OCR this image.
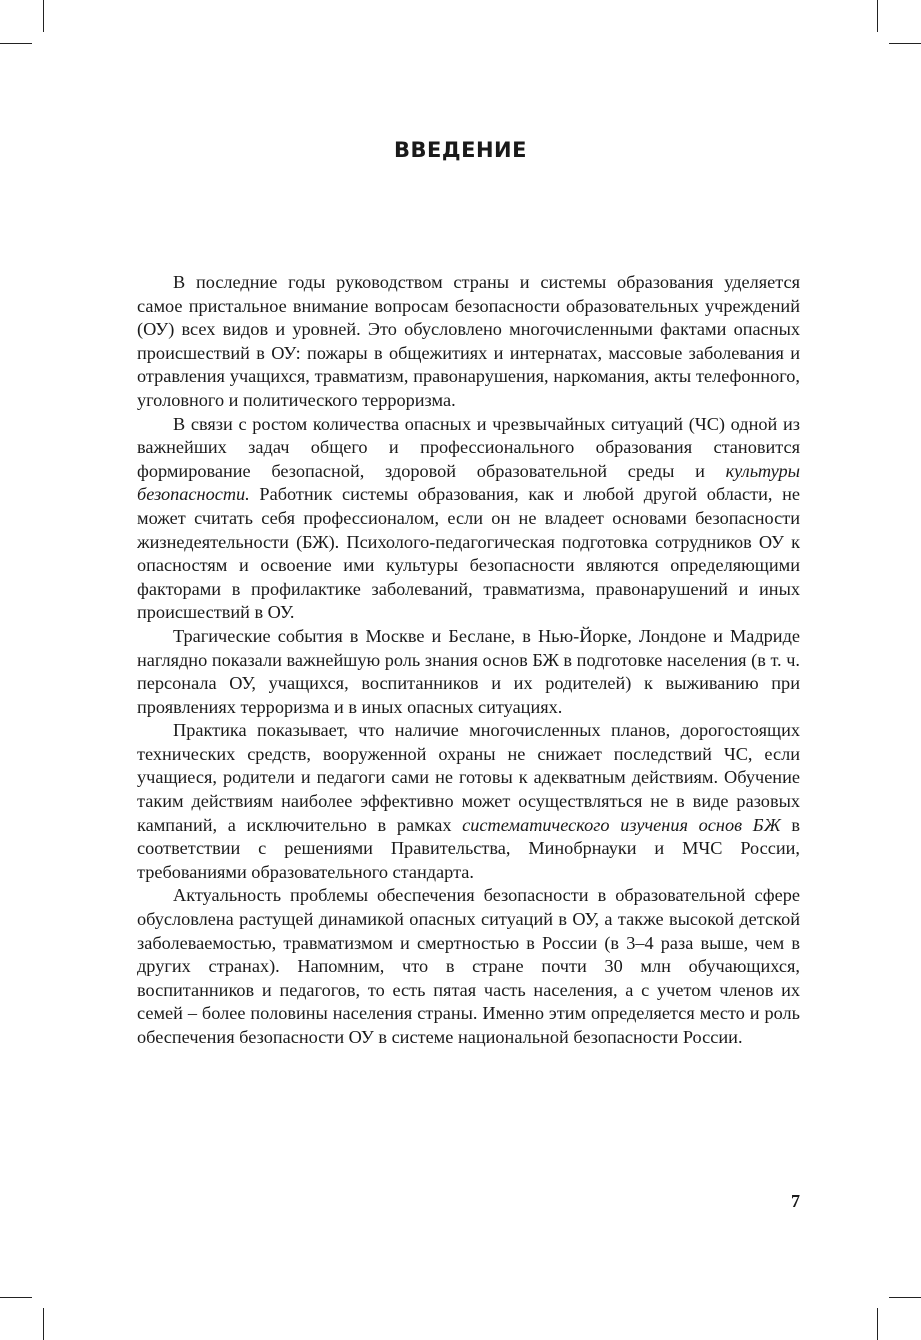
ВВЕДЕНИЕ

В последние годы руководством страны и системы образования уделяется самое пристальное внимание вопросам безопасности образовательных учреждений (ОУ) всех видов и уровней. Это обусловлено многочисленными фактами опасных происшествий в ОУ: пожары в общежитиях и интернатах, массовые заболевания и отравления учащихся, травматизм, правонарушения, наркомания, акты телефонного, уголовного и политического терроризма.

В связи с ростом количества опасных и чрезвычайных ситуаций (ЧС) одной из важнейших задач общего и профессионального образования становится формирование безопасной, здоровой образовательной среды и культуры безопасности. Работник системы образования, как и любой другой области, не может считать себя профессионалом, если он не владеет основами безопасности жизнедеятельности (БЖ). Психолого-педагогическая подготовка сотрудников ОУ к опасностям и освоение ими культуры безопасности являются определяющими факторами в профилактике заболеваний, травматизма, правонарушений и иных происшествий в ОУ.

Трагические события в Москве и Беслане, в Нью-Йорке, Лондоне и Мадриде наглядно показали важнейшую роль знания основ БЖ в подготовке населения (в т. ч. персонала ОУ, учащихся, воспитанников и их родителей) к выживанию при проявлениях терроризма и в иных опасных ситуациях.

Практика показывает, что наличие многочисленных планов, дорогостоящих технических средств, вооруженной охраны не снижает последствий ЧС, если учащиеся, родители и педагоги сами не готовы к адекватным действиям. Обучение таким действиям наиболее эффективно может осуществляться не в виде разовых кампаний, а исключительно в рамках систематического изучения основ БЖ в соответствии с решениями Правительства, Минобрнауки и МЧС России, требованиями образовательного стандарта.

Актуальность проблемы обеспечения безопасности в образовательной сфере обусловлена растущей динамикой опасных ситуаций в ОУ, а также высокой детской заболеваемостью, травматизмом и смертностью в России (в 3–4 раза выше, чем в других странах). Напомним, что в стране почти 30 млн обучающихся, воспитанников и педагогов, то есть пятая часть населения, а с учетом членов их семей – более половины населения страны. Именно этим определяется место и роль обеспечения безопасности ОУ в системе национальной безопасности России.

7
